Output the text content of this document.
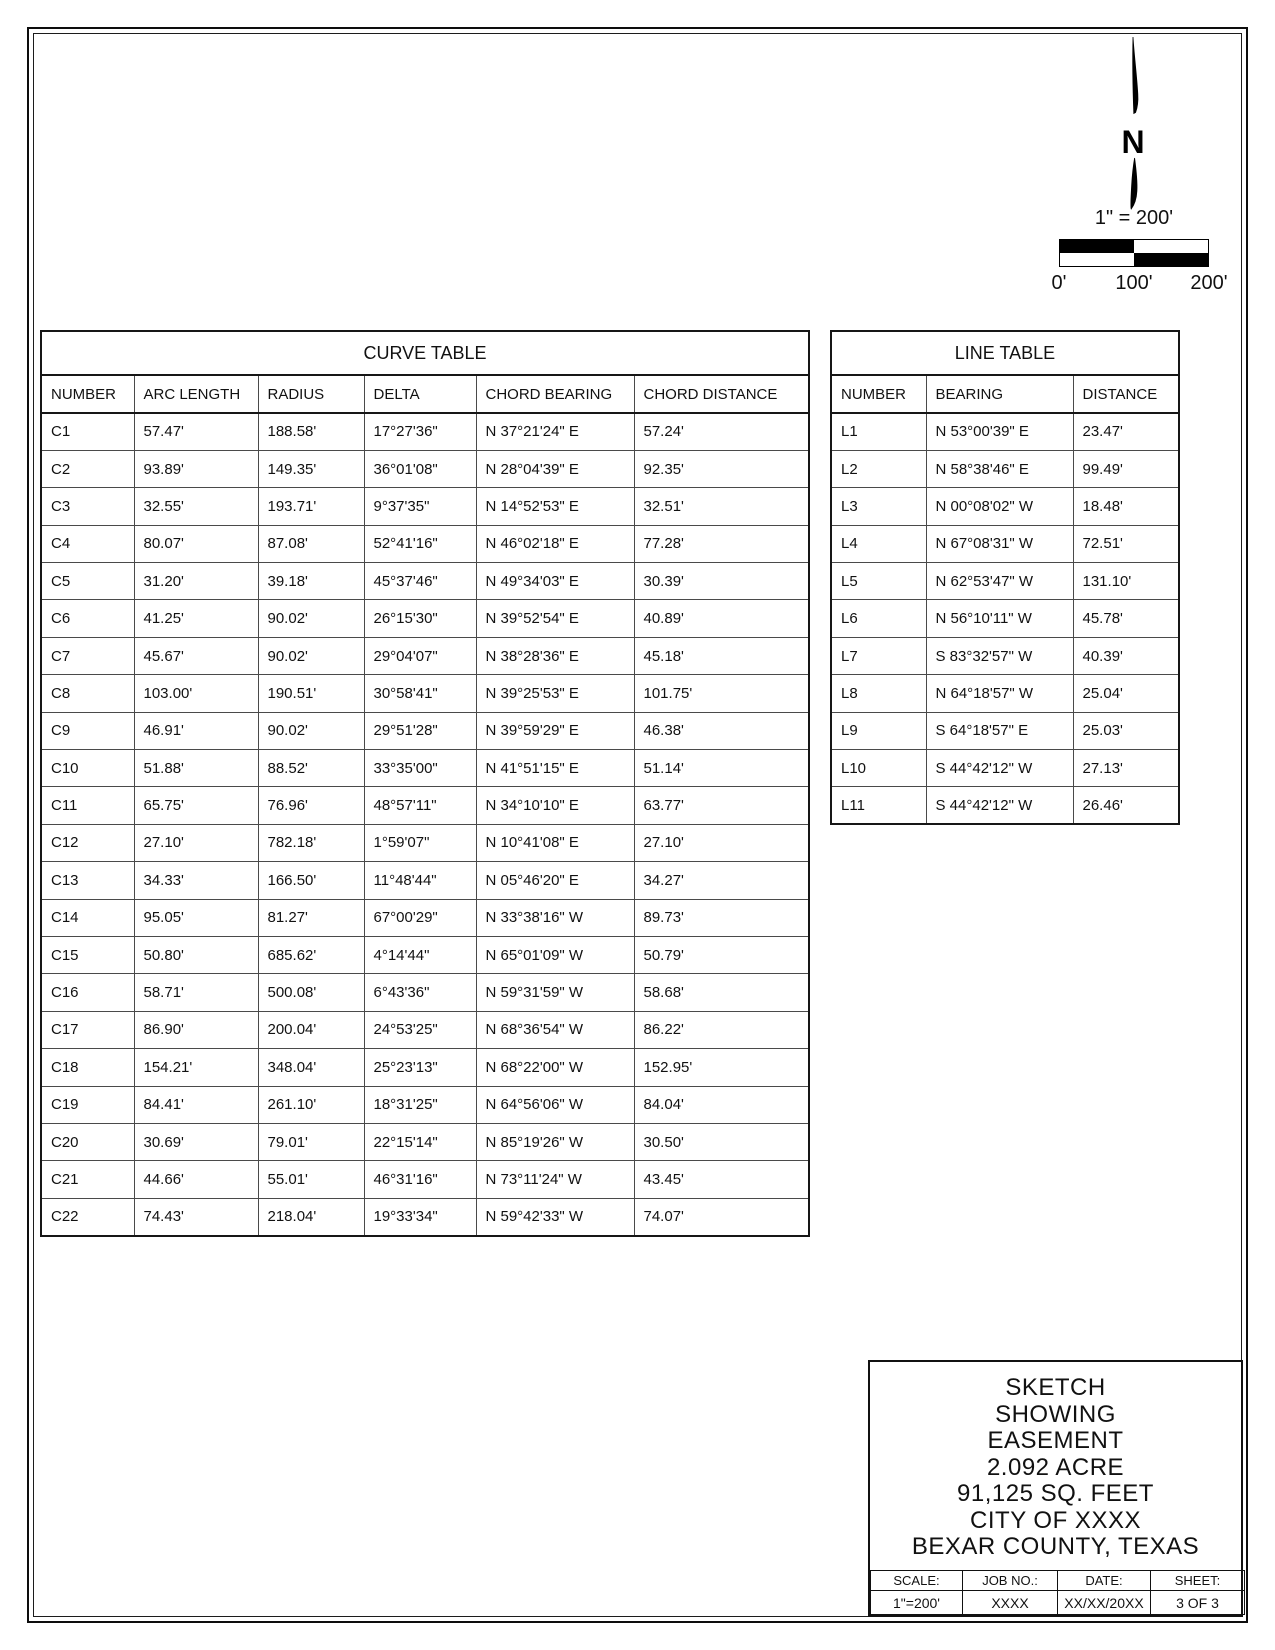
N
1" = 200'
0'	100'	200'
CURVE TABLE					
NUMBER	ARC LENGTH	RADIUS	DELTA	CHORD BEARING	CHORD DISTANCE
C1	57.47'	188.58'	17°27'36"	N 37°21'24" E	57.24'
C2	93.89'	149.35'	36°01'08"	N 28°04'39" E	92.35'
C3	32.55'	193.71'	9°37'35"	N 14°52'53" E	32.51'
C4	80.07'	87.08'	52°41'16"	N 46°02'18" E	77.28'
C5	31.20'	39.18'	45°37'46"	N 49°34'03" E	30.39'
C6	41.25'	90.02'	26°15'30"	N 39°52'54" E	40.89'
C7	45.67'	90.02'	29°04'07"	N 38°28'36" E	45.18'
C8	103.00'	190.51'	30°58'41"	N 39°25'53" E	101.75'
C9	46.91'	90.02'	29°51'28"	N 39°59'29" E	46.38'
C10	51.88'	88.52'	33°35'00"	N 41°51'15" E	51.14'
C11	65.75'	76.96'	48°57'11"	N 34°10'10" E	63.77'
C12	27.10'	782.18'	1°59'07"	N 10°41'08" E	27.10'
C13	34.33'	166.50'	11°48'44"	N 05°46'20" E	34.27'
C14	95.05'	81.27'	67°00'29"	N 33°38'16" W	89.73'
C15	50.80'	685.62'	4°14'44"	N 65°01'09" W	50.79'
C16	58.71'	500.08'	6°43'36"	N 59°31'59" W	58.68'
C17	86.90'	200.04'	24°53'25"	N 68°36'54" W	86.22'
C18	154.21'	348.04'	25°23'13"	N 68°22'00" W	152.95'
C19	84.41'	261.10'	18°31'25"	N 64°56'06" W	84.04'
C20	30.69'	79.01'	22°15'14"	N 85°19'26" W	30.50'
C21	44.66'	55.01'	46°31'16"	N 73°11'24" W	43.45'
C22	74.43'	218.04'	19°33'34"	N 59°42'33" W	74.07'
LINE TABLE		
NUMBER	BEARING	DISTANCE
L1	N 53°00'39" E	23.47'
L2	N 58°38'46" E	99.49'
L3	N 00°08'02" W	18.48'
L4	N 67°08'31" W	72.51'
L5	N 62°53'47" W	131.10'
L6	N 56°10'11" W	45.78'
L7	S 83°32'57" W	40.39'
L8	N 64°18'57" W	25.04'
L9	S 64°18'57" E	25.03'
L10	S 44°42'12" W	27.13'
L11	S 44°42'12" W	26.46'
SKETCH
SHOWING
EASEMENT
2.092 ACRE
91,125 SQ. FEET
CITY OF XXXX
BEXAR COUNTY, TEXAS
SCALE:	JOB NO.:	DATE:	SHEET:
1"=200'	XXXX	XX/XX/20XX	3 OF 3
